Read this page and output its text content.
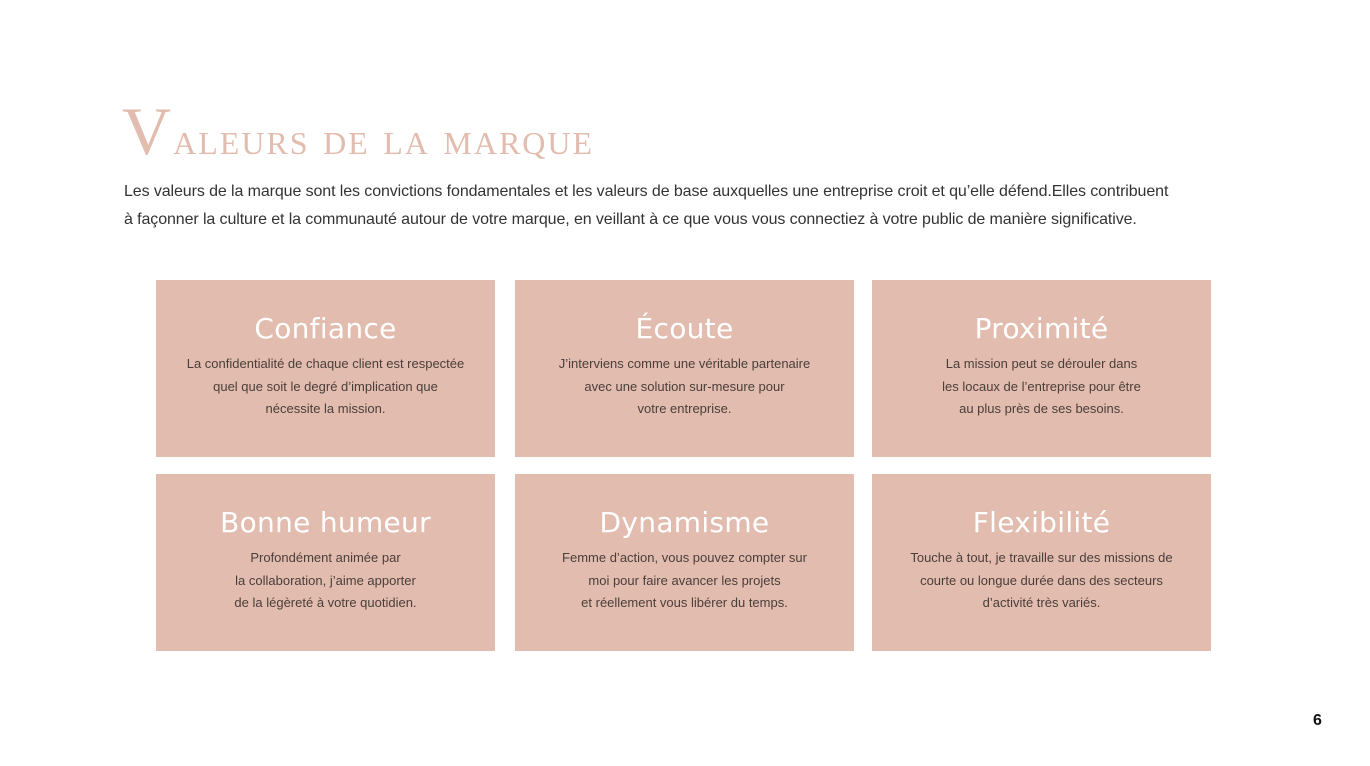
Valeurs de la marque

Les valeurs de la marque sont les convictions fondamentales et les valeurs de base auxquelles une entreprise croit et qu’elle défend.Elles contribuent
à façonner la culture et la communauté autour de votre marque, en veillant à ce que vous vous connectiez à votre public de manière significative.

Confiance
La confidentialité de chaque client est respectée
quel que soit le degré d’implication que
nécessite la mission.
Écoute
J’interviens comme une véritable partenaire
avec une solution sur-mesure pour
votre entreprise.
Proximité
La mission peut se dérouler dans
les locaux de l’entreprise pour être
au plus près de ses besoins.
Bonne humeur
Profondément animée par
la collaboration, j’aime apporter
de la légèreté à votre quotidien.
Dynamisme
Femme d’action, vous pouvez compter sur
moi pour faire avancer les projets
et réellement vous libérer du temps.
Flexibilité
Touche à tout, je travaille sur des missions de
courte ou longue durée dans des secteurs
d’activité très variés.
6
